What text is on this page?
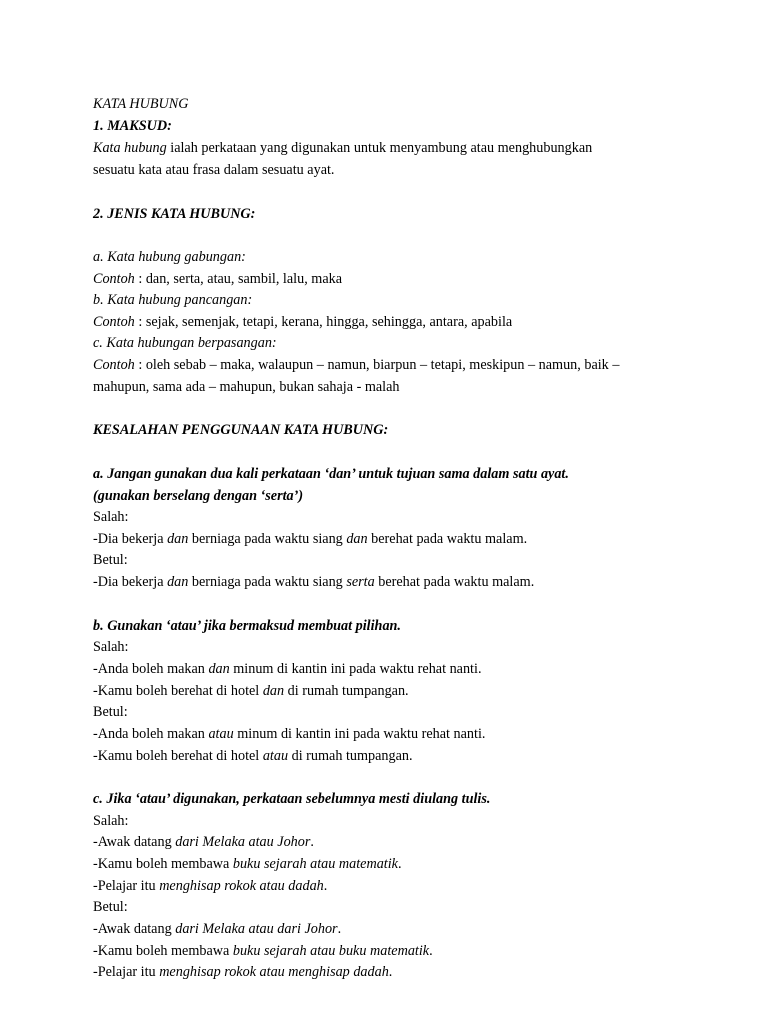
KATA HUBUNG
1. MAKSUD:
Kata hubung ialah perkataan yang digunakan untuk menyambung atau menghubungkan
sesuatu kata atau frasa dalam sesuatu ayat.
2. JENIS KATA HUBUNG:
a. Kata hubung gabungan:
Contoh : dan, serta, atau, sambil, lalu, maka
b. Kata hubung pancangan:
Contoh : sejak, semenjak, tetapi, kerana, hingga, sehingga, antara, apabila
c. Kata hubungan berpasangan:
Contoh : oleh sebab – maka, walaupun – namun, biarpun – tetapi, meskipun – namun, baik –
mahupun, sama ada – mahupun, bukan sahaja - malah
KESALAHAN PENGGUNAAN KATA HUBUNG:
a. Jangan gunakan dua kali perkataan ‘dan’ untuk tujuan sama dalam satu ayat.
(gunakan berselang dengan ‘serta’)
Salah:
-Dia bekerja dan berniaga pada waktu siang dan berehat pada waktu malam.
Betul:
-Dia bekerja dan berniaga pada waktu siang serta berehat pada waktu malam.
b. Gunakan ‘atau’ jika bermaksud membuat pilihan.
Salah:
-Anda boleh makan dan minum di kantin ini pada waktu rehat nanti.
-Kamu boleh berehat di hotel dan di rumah tumpangan.
Betul:
-Anda boleh makan atau minum di kantin ini pada waktu rehat nanti.
-Kamu boleh berehat di hotel atau di rumah tumpangan.
c. Jika ‘atau’ digunakan, perkataan sebelumnya mesti diulang tulis.
Salah:
-Awak datang dari Melaka atau Johor.
-Kamu boleh membawa buku sejarah atau matematik.
-Pelajar itu menghisap rokok atau dadah.
Betul:
-Awak datang dari Melaka atau dari Johor.
-Kamu boleh membawa buku sejarah atau buku matematik.
-Pelajar itu menghisap rokok atau menghisap dadah.
